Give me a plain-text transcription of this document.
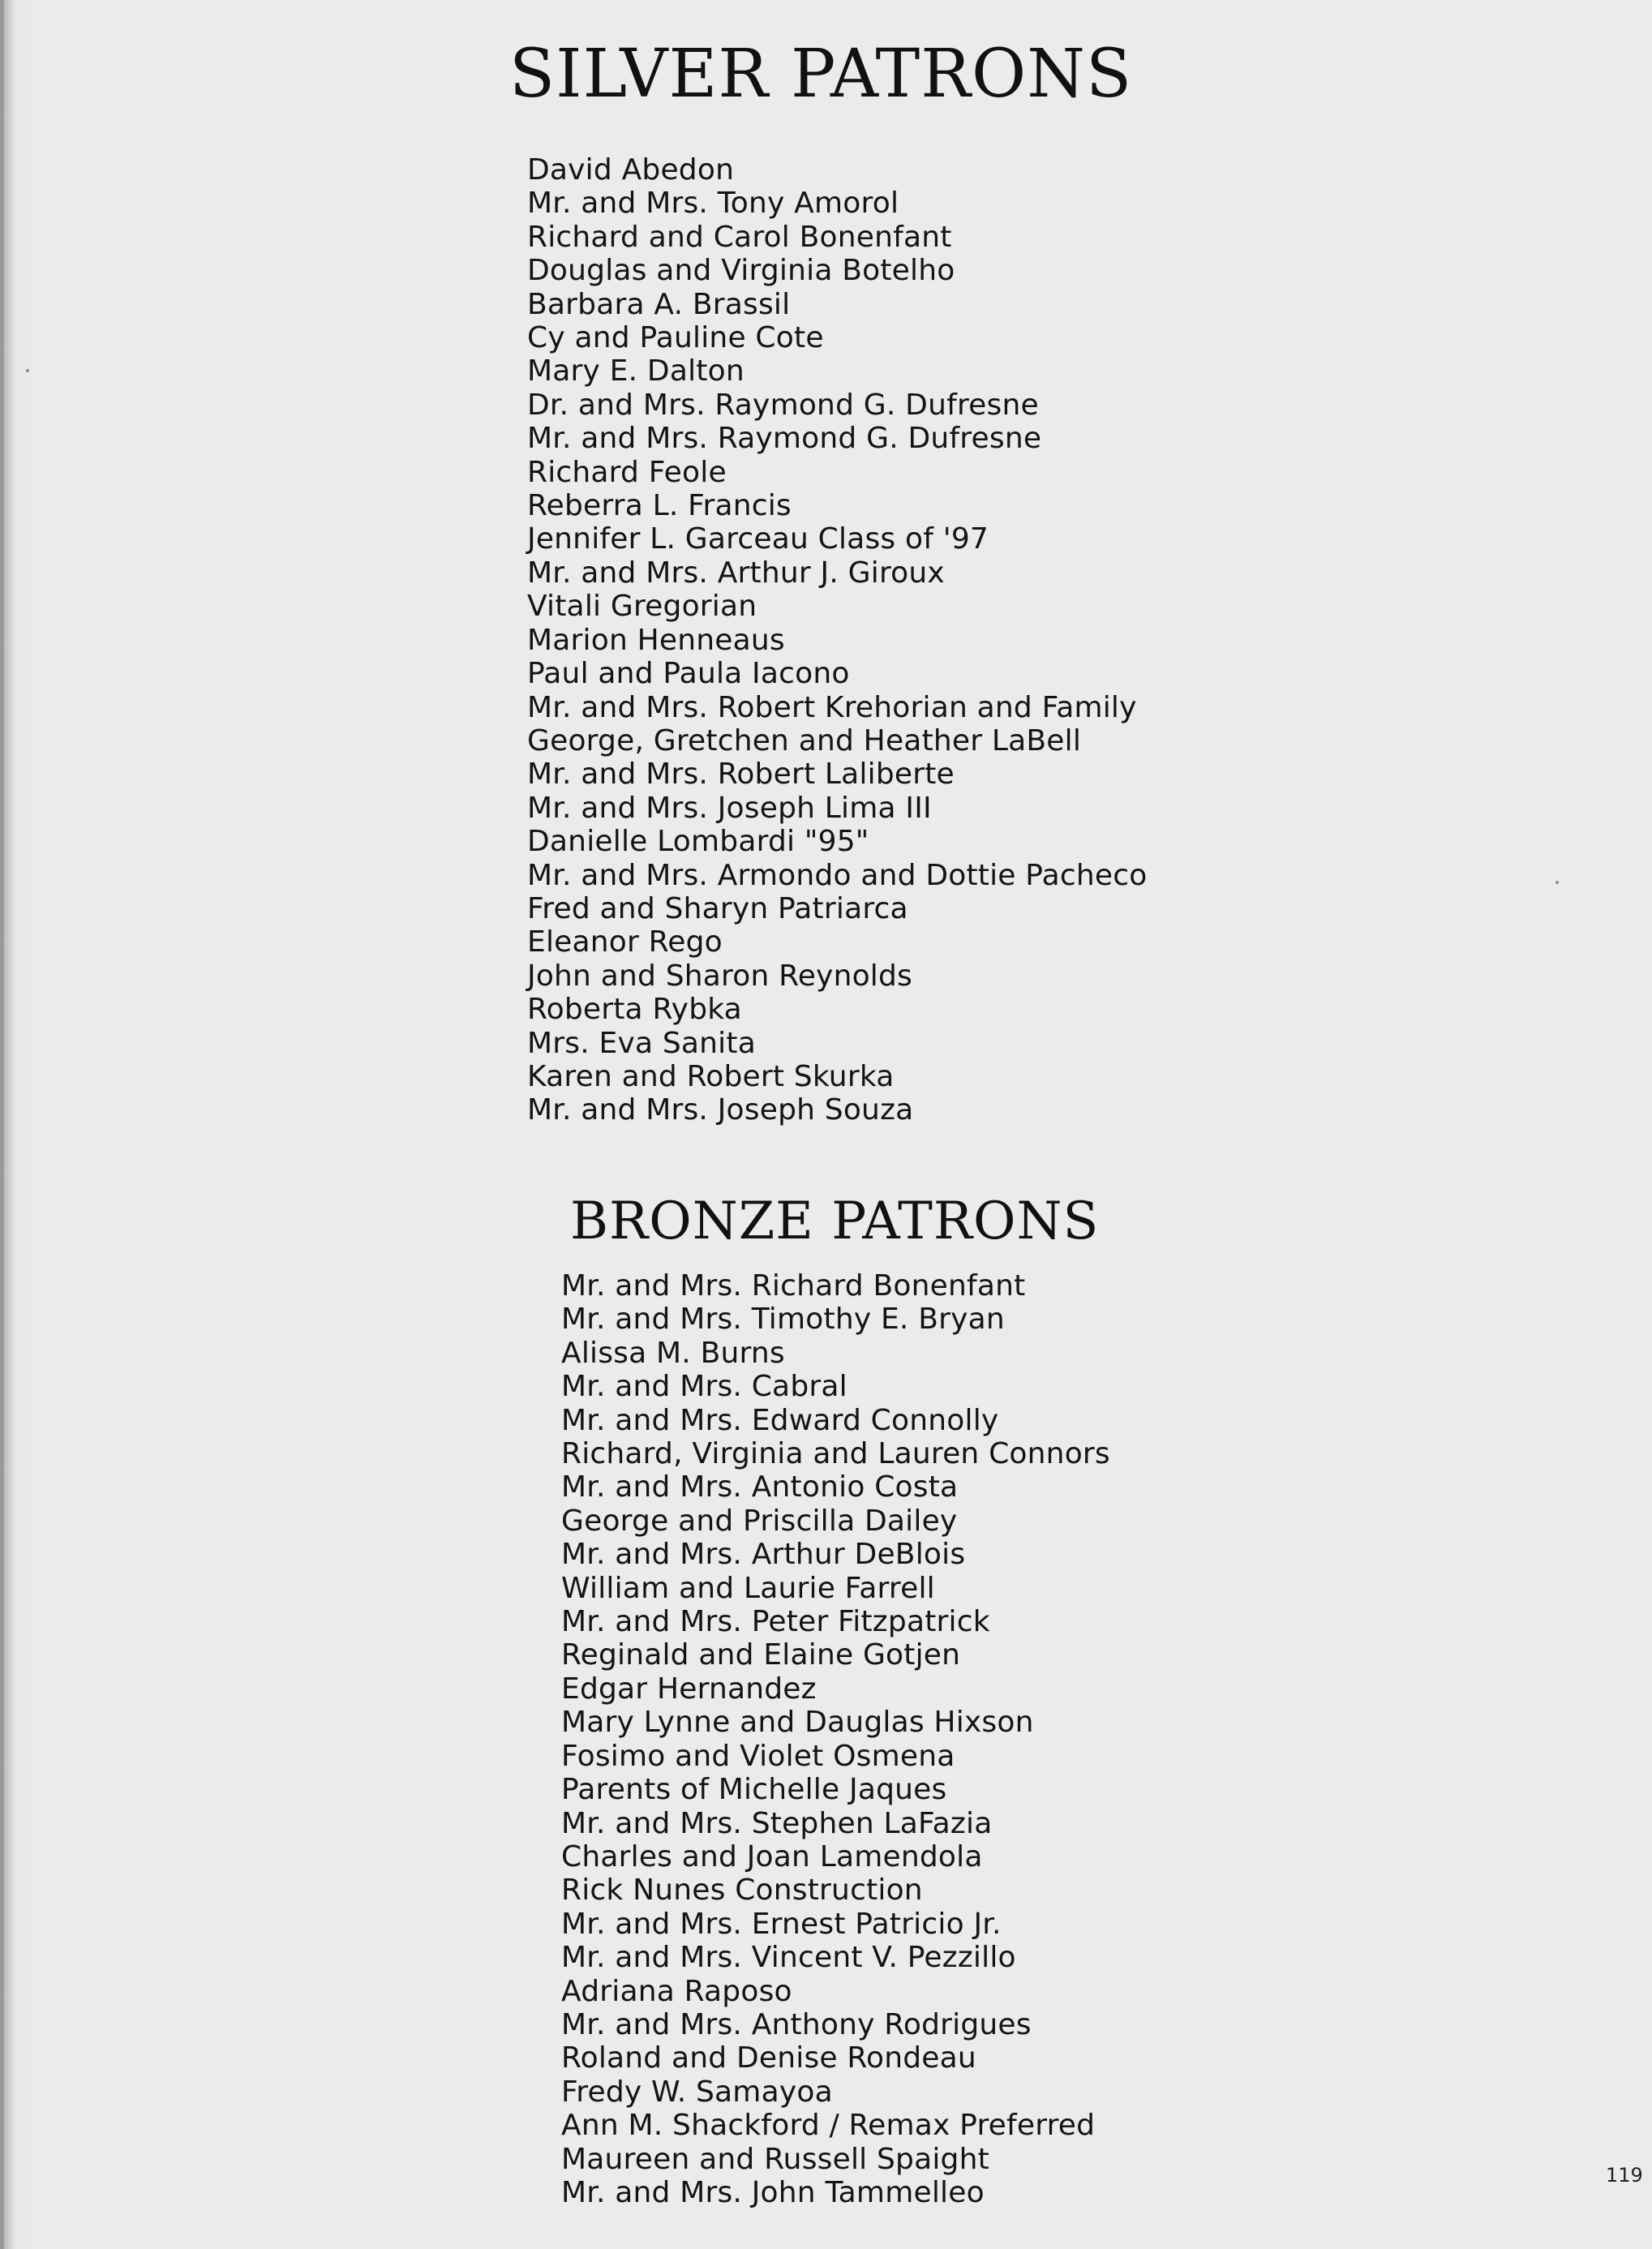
SILVER PATRONS
David Abedon
Mr. and Mrs. Tony Amorol
Richard and Carol Bonenfant
Douglas and Virginia Botelho
Barbara A. Brassil
Cy and Pauline Cote
Mary E. Dalton
Dr. and Mrs. Raymond G. Dufresne
Mr. and Mrs. Raymond G. Dufresne
Richard Feole
Reberra L. Francis
Jennifer L. Garceau Class of '97
Mr. and Mrs. Arthur J. Giroux
Vitali Gregorian
Marion Henneaus
Paul and Paula Iacono
Mr. and Mrs. Robert Krehorian and Family
George, Gretchen and Heather LaBell
Mr. and Mrs. Robert Laliberte
Mr. and Mrs. Joseph Lima III
Danielle Lombardi "95"
Mr. and Mrs. Armondo and Dottie Pacheco
Fred and Sharyn Patriarca
Eleanor Rego
John and Sharon Reynolds
Roberta Rybka
Mrs. Eva Sanita
Karen and Robert Skurka
Mr. and Mrs. Joseph Souza
BRONZE PATRONS
Mr. and Mrs. Richard Bonenfant
Mr. and Mrs. Timothy E. Bryan
Alissa M. Burns
Mr. and Mrs. Cabral
Mr. and Mrs. Edward Connolly
Richard, Virginia and Lauren Connors
Mr. and Mrs. Antonio Costa
George and Priscilla Dailey
Mr. and Mrs. Arthur DeBlois
William and Laurie Farrell
Mr. and Mrs. Peter Fitzpatrick
Reginald and Elaine Gotjen
Edgar Hernandez
Mary Lynne and Dauglas Hixson
Fosimo and Violet Osmena
Parents of Michelle Jaques
Mr. and Mrs. Stephen LaFazia
Charles and Joan Lamendola
Rick Nunes Construction
Mr. and Mrs. Ernest Patricio Jr.
Mr. and Mrs. Vincent V. Pezzillo
Adriana Raposo
Mr. and Mrs. Anthony Rodrigues
Roland and Denise Rondeau
Fredy W. Samayoa
Ann M. Shackford / Remax Preferred
Maureen and Russell Spaight
Mr. and Mrs. John Tammelleo
119
